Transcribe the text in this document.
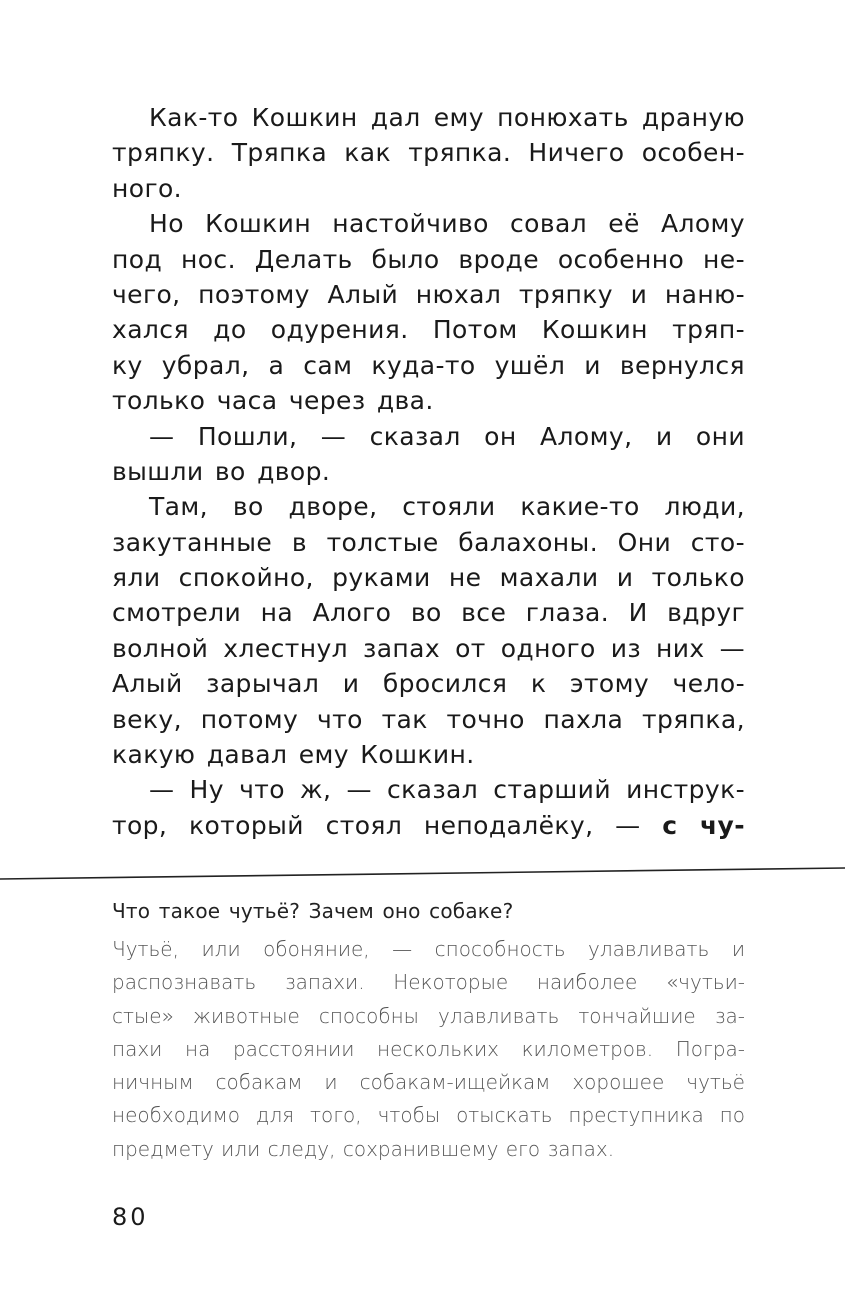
Как-то Кошкин дал ему понюхать драную
тряпку. Тряпка как тряпка. Ничего особен-
ного.
Но Кошкин настойчиво совал её Алому
под нос. Делать было вроде особенно не-
чего, поэтому Алый нюхал тряпку и наню-
хался до одурения. Потом Кошкин тряп-
ку убрал, а сам куда-то ушёл и вернулся
только часа через два.
— Пошли, — сказал он Алому, и они
вышли во двор.
Там, во дворе, стояли какие-то люди,
закутанные в толстые балахоны. Они сто-
яли спокойно, руками не махали и только
смотрели на Алого во все глаза. И вдруг
волной хлестнул запах от одного из них —
Алый зарычал и бросился к этому чело-
веку, потому что так точно пахла тряпка,
какую давал ему Кошкин.
— Ну что ж, — сказал старший инструк-
тор, который стоял неподалёку, — с чу-
Что такое чутьё? Зачем оно собаке?
Чутьё, или обоняние, — способность улавливать и
распознавать запахи. Некоторые наиболее «чутьи-
стые» животные способны улавливать тончайшие за-
пахи на расстоянии нескольких километров. Погра-
ничным собакам и собакам-ищейкам хорошее чутьё
необходимо для того, чтобы отыскать преступника по
предмету или следу, сохранившему его запах.
80
